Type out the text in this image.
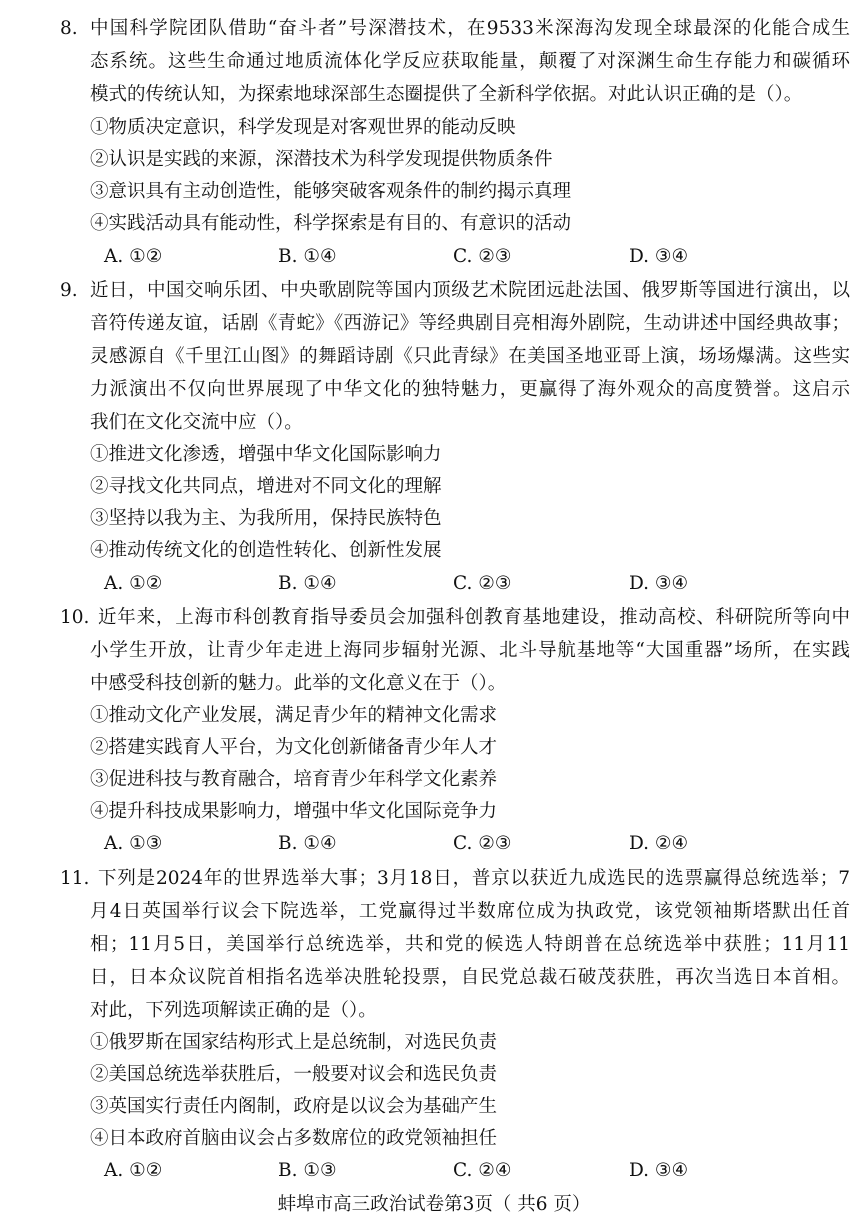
8. 中国科学院团队借助“奋斗者”号深潜技术，在9533米深海沟发现全球最深的化能合成生
态系统。这些生命通过地质流体化学反应获取能量，颠覆了对深渊生命生存能力和碳循环
模式的传统认知，为探索地球深部生态圈提供了全新科学依据。对此认识正确的是（）。
①物质决定意识，科学发现是对客观世界的能动反映
②认识是实践的来源，深潜技术为科学发现提供物质条件
③意识具有主动创造性，能够突破客观条件的制约揭示真理
④实践活动具有能动性，科学探索是有目的、有意识的活动
A. ①②	B. ①④	C. ②③	D. ③④
9. 近日，中国交响乐团、中央歌剧院等国内顶级艺术院团远赴法国、俄罗斯等国进行演出，以
音符传递友谊，话剧《青蛇》《西游记》等经典剧目亮相海外剧院，生动讲述中国经典故事；
灵感源自《千里江山图》的舞蹈诗剧《只此青绿》在美国圣地亚哥上演，场场爆满。这些实
力派演出不仅向世界展现了中华文化的独特魅力，更赢得了海外观众的高度赞誉。这启示
我们在文化交流中应（）。
①推进文化渗透，增强中华文化国际影响力
②寻找文化共同点，增进对不同文化的理解
③坚持以我为主、为我所用，保持民族特色
④推动传统文化的创造性转化、创新性发展
A. ①②	B. ①④	C. ②③	D. ③④
10. 近年来，上海市科创教育指导委员会加强科创教育基地建设，推动高校、科研院所等向中
小学生开放，让青少年走进上海同步辐射光源、北斗导航基地等“大国重器”场所，在实践
中感受科技创新的魅力。此举的文化意义在于（）。
①推动文化产业发展，满足青少年的精神文化需求
②搭建实践育人平台，为文化创新储备青少年人才
③促进科技与教育融合，培育青少年科学文化素养
④提升科技成果影响力，增强中华文化国际竞争力
A. ①③	B. ①④	C. ②③	D. ②④
11. 下列是2024年的世界选举大事；3月18日，普京以获近九成选民的选票赢得总统选举；7
月4日英国举行议会下院选举，工党赢得过半数席位成为执政党，该党领袖斯塔默出任首
相；11月5日，美国举行总统选举，共和党的候选人特朗普在总统选举中获胜；11月11
日，日本众议院首相指名选举决胜轮投票，自民党总裁石破茂获胜，再次当选日本首相。
对此，下列选项解读正确的是（）。
①俄罗斯在国家结构形式上是总统制，对选民负责
②美国总统选举获胜后，一般要对议会和选民负责
③英国实行责任内阁制，政府是以议会为基础产生
④日本政府首脑由议会占多数席位的政党领袖担任
A. ①②	B. ①③	C. ②④	D. ③④
蚌埠市高三政治试卷第3页（ 共6 页）
